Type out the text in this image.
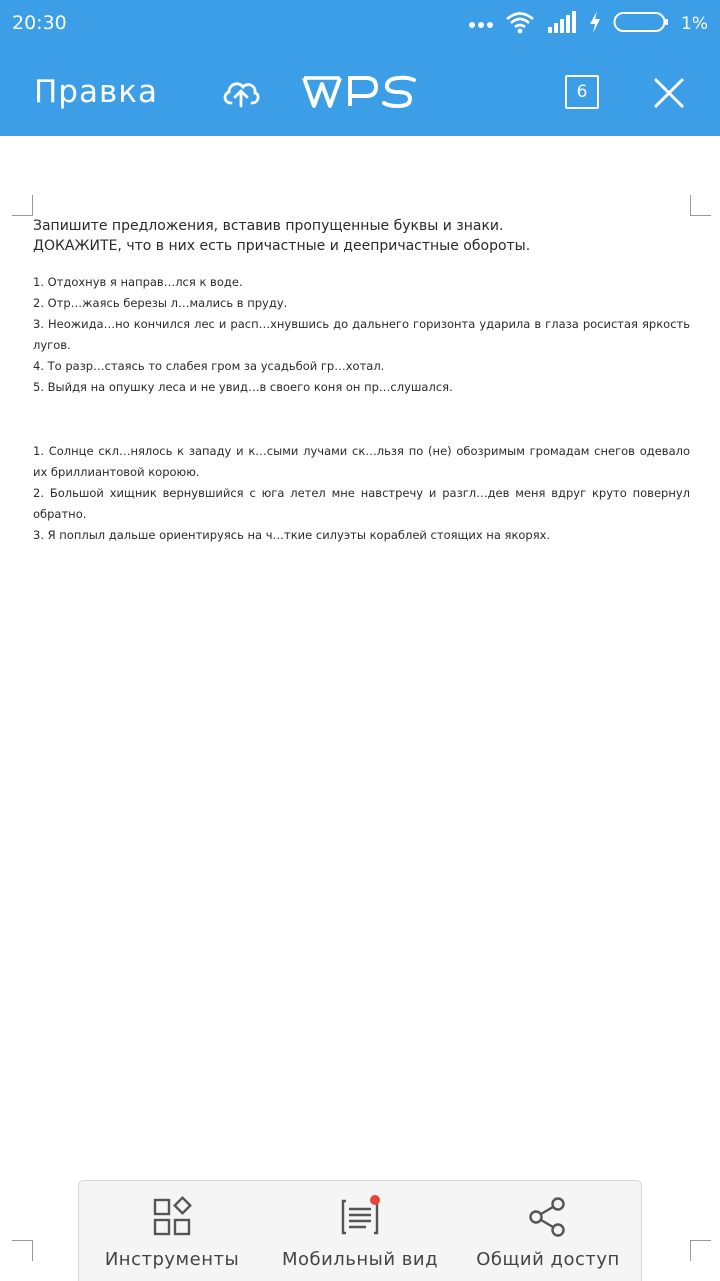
20:30	1%
Правка	6

Запишите предложения, вставив пропущенные буквы и знаки.

ДОКАЖИТЕ, что в них есть причастные и деепричастные обороты.

1. Отдохнув я направ…лся к воде.
2. Отр…жаясь березы л…мались в пруду.
3. Неожида…но кончился лес и расп…хнувшись до дальнего горизонта ударила в глаза росистая яркость лугов.
4. То разр…стаясь то слабея гром за усадьбой гр…хотал.
5. Выйдя на опушку леса и не увид…в своего коня он пр…слушался.
1. Солнце скл…нялось к западу и к…сыми лучами ск…льзя по (не) обозримым громадам снегов одевало их бриллиантовой короюю.
2. Большой хищник вернувшийся с юга летел мне навстречу и разгл…дев меня вдруг круто повернул обратно.
3. Я поплыл дальше ориентируясь на ч…ткие силуэты кораблей стоящих на якорях.
Инструменты	Мобильный вид	Общий доступ
